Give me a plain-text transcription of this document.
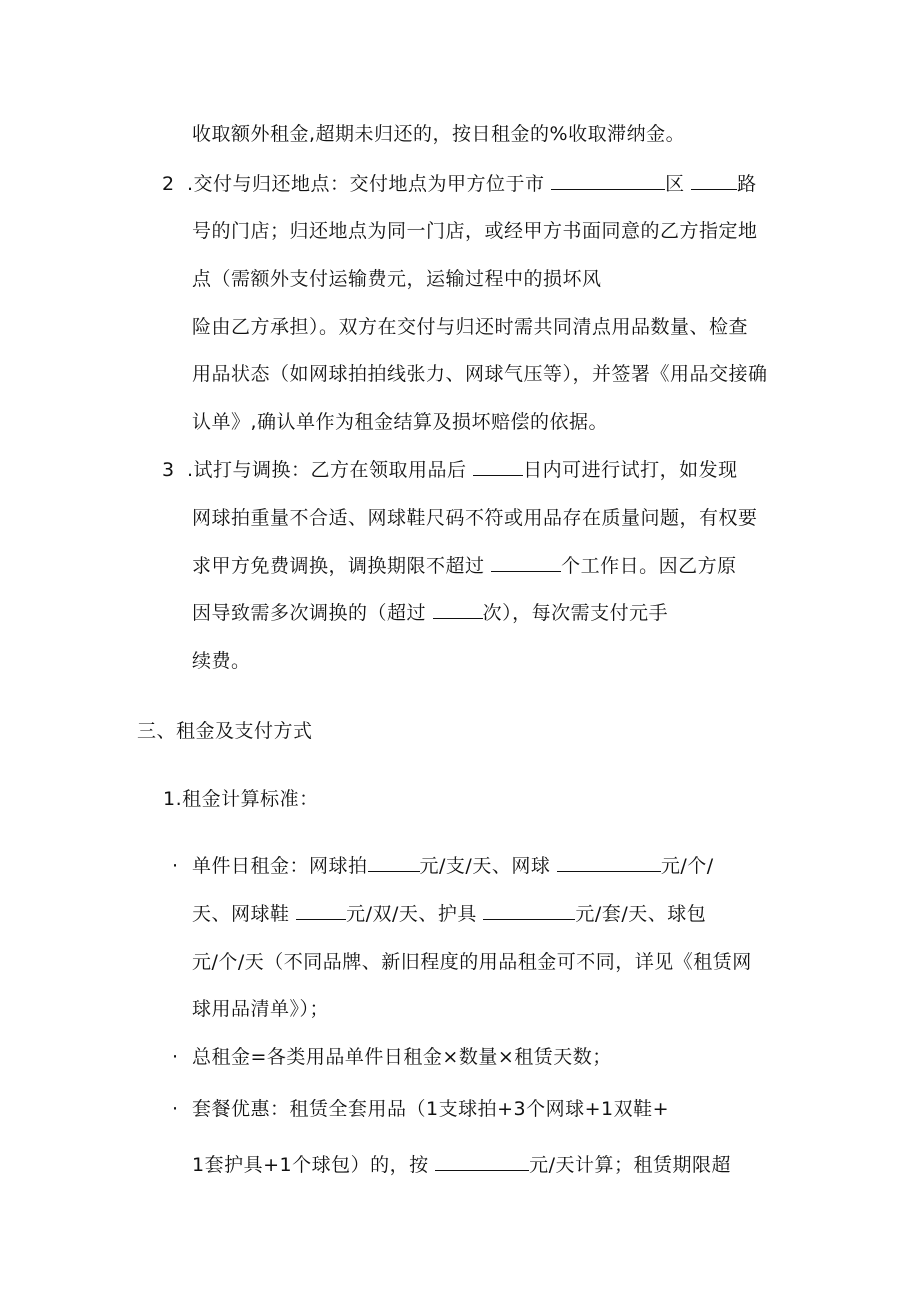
收取额外租金,超期未归还的，按日租金的%收取滞纳金。
2 .交付与归还地点：交付地点为甲方位于市	区	路
号的门店；归还地点为同一门店，或经甲方书面同意的乙方指定地
点（需额外支付运输费元，运输过程中的损坏风
险由乙方承担）。双方在交付与归还时需共同清点用品数量、检查
用品状态（如网球拍拍线张力、网球气压等），并签署《用品交接确
认单》,确认单作为租金结算及损坏赔偿的依据。
3 .试打与调换：乙方在领取用品后	日内可进行试打，如发现
网球拍重量不合适、网球鞋尺码不符或用品存在质量问题，有权要
求甲方免费调换，调换期限不超过	个工作日。因乙方原
因导致需多次调换的（超过	次），每次需支付元手
续费。
三、租金及支付方式
1.租金计算标准：
· 单件日租金：网球拍	元/支/天、网球	元/个/
天、网球鞋	元/双/天、护具	元/套/天、球包
元/个/天（不同品牌、新旧程度的用品租金可不同，详见《租赁网
球用品清单》）；
· 总租金=各类用品单件日租金×数量×租赁天数；
· 套餐优惠：租赁全套用品（1支球拍+3个网球+1双鞋+
1套护具+1个球包）的，按	元/天计算；租赁期限超
